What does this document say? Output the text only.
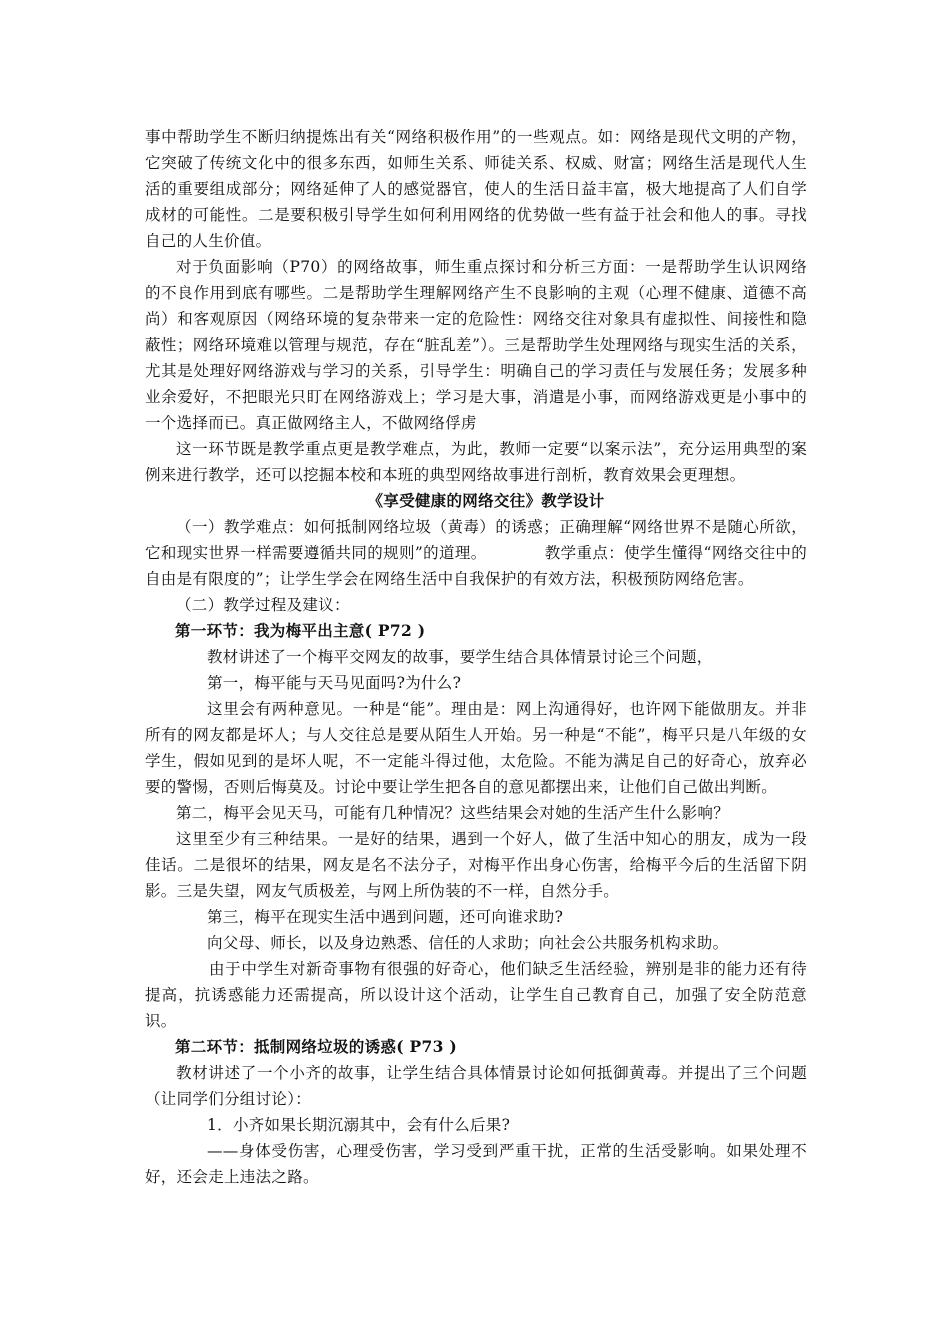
事中帮助学生不断归纳提炼出有关“网络积极作用”的一些观点。如：网络是现代文明的产物，它突破了传统文化中的很多东西，如师生关系、师徒关系、权威、财富；网络生活是现代人生活的重要组成部分；网络延伸了人的感觉器官，使人的生活日益丰富，极大地提高了人们自学成材的可能性。二是要积极引导学生如何利用网络的优势做一些有益于社会和他人的事。寻找自己的人生价值。

对于负面影响（P70）的网络故事，师生重点探讨和分析三方面：一是帮助学生认识网络的不良作用到底有哪些。二是帮助学生理解网络产生不良影响的主观（心理不健康、道德不高尚）和客观原因（网络环境的复杂带来一定的危险性：网络交往对象具有虚拟性、间接性和隐蔽性；网络环境难以管理与规范，存在“脏乱差”）。三是帮助学生处理网络与现实生活的关系，尤其是处理好网络游戏与学习的关系，引导学生：明确自己的学习责任与发展任务；发展多种业余爱好，不把眼光只盯在网络游戏上；学习是大事，消遣是小事，而网络游戏更是小事中的一个选择而已。真正做网络主人，不做网络俘虏

这一环节既是教学重点更是教学难点，为此，教师一定要“以案示法”，充分运用典型的案例来进行教学，还可以挖掘本校和本班的典型网络故事进行剖析，教育效果会更理想。

《享受健康的网络交往》教学设计

（一）教学难点：如何抵制网络垃圾（黄毒）的诱惑；正确理解“网络世界不是随心所欲，它和现实世界一样需要遵循共同的规则”的道理。	教学重点：使学生懂得“网络交往中的自由是有限度的”；让学生学会在网络生活中自我保护的有效方法，积极预防网络危害。

（二）教学过程及建议：

第一环节：我为梅平出主意( P72 )

教材讲述了一个梅平交网友的故事，要学生结合具体情景讨论三个问题，

第一，梅平能与天马见面吗?为什么?

这里会有两种意见。一种是“能”。理由是：网上沟通得好，也许网下能做朋友。并非所有的网友都是坏人；与人交往总是要从陌生人开始。另一种是“不能”，梅平只是八年级的女学生，假如见到的是坏人呢，不一定能斗得过他，太危险。不能为满足自己的好奇心，放弃必要的警惕，否则后悔莫及。讨论中要让学生把各自的意见都摆出来，让他们自己做出判断。

第二，梅平会见天马，可能有几种情况？这些结果会对她的生活产生什么影响？

这里至少有三种结果。一是好的结果，遇到一个好人，做了生活中知心的朋友，成为一段佳话。二是很坏的结果，网友是名不法分子，对梅平作出身心伤害，给梅平今后的生活留下阴影。三是失望，网友气质极差，与网上所伪装的不一样，自然分手。

第三，梅平在现实生活中遇到问题，还可向谁求助?

向父母、师长，以及身边熟悉、信任的人求助；向社会公共服务机构求助。

由于中学生对新奇事物有很强的好奇心，他们缺乏生活经验，辨别是非的能力还有待提高，抗诱惑能力还需提高，所以设计这个活动，让学生自己教育自己，加强了安全防范意识。

第二环节：抵制网络垃圾的诱惑( P73 )

教材讲述了一个小齐的故事，让学生结合具体情景讨论如何抵御黄毒。并提出了三个问题（让同学们分组讨论）：

1．小齐如果长期沉溺其中，会有什么后果?

——身体受伤害，心理受伤害，学习受到严重干扰，正常的生活受影响。如果处理不好，还会走上违法之路。
